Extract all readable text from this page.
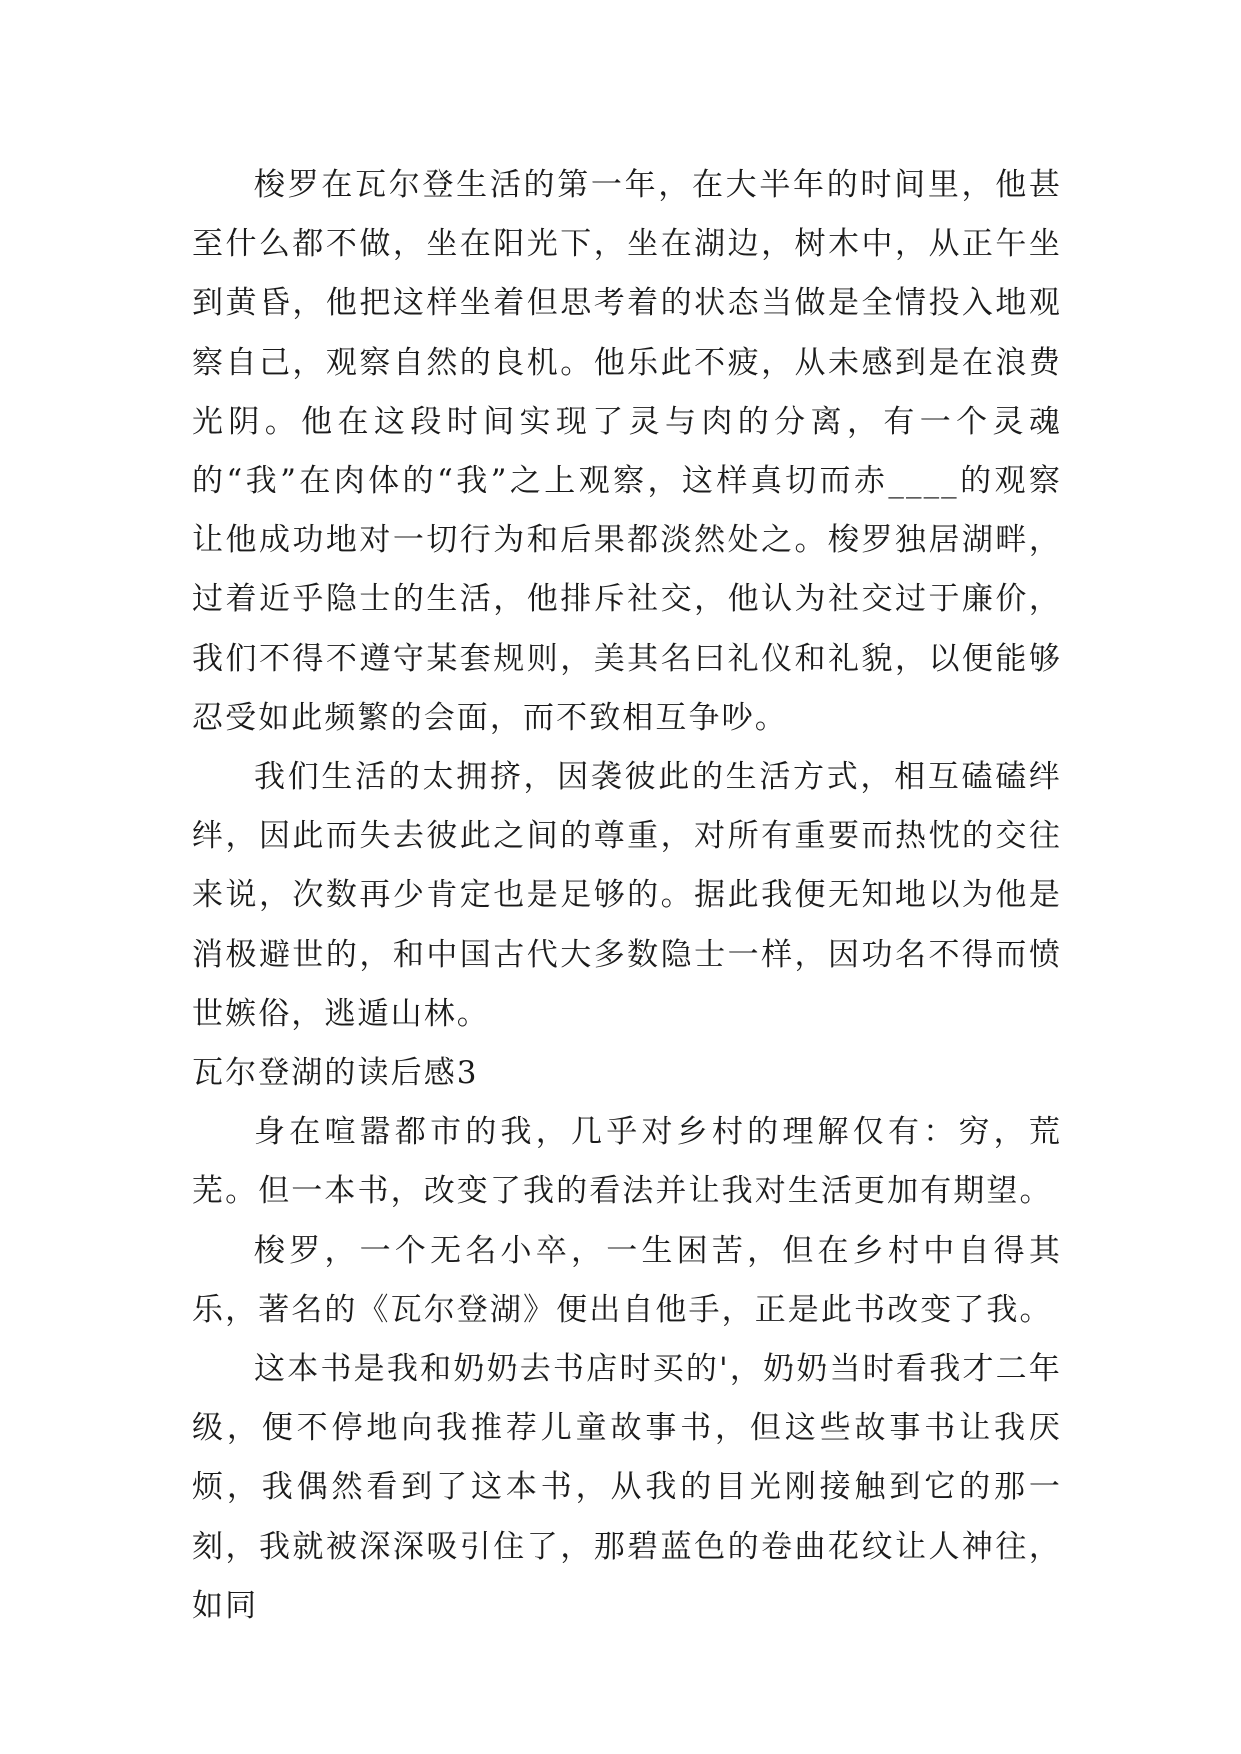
梭罗在瓦尔登生活的第一年，在大半年的时间里，他甚至什么都不做，坐在阳光下，坐在湖边，树木中，从正午坐到黄昏，他把这样坐着但思考着的状态当做是全情投入地观察自己，观察自然的良机。他乐此不疲，从未感到是在浪费光阴。他在这段时间实现了灵与肉的分离，有一个灵魂的“我”在肉体的“我”之上观察，这样真切而赤____的观察让他成功地对一切行为和后果都淡然处之。梭罗独居湖畔，过着近乎隐士的生活，他排斥社交，他认为社交过于廉价，我们不得不遵守某套规则，美其名曰礼仪和礼貌，以便能够忍受如此频繁的会面，而不致相互争吵。

我们生活的太拥挤，因袭彼此的生活方式，相互磕磕绊绊，因此而失去彼此之间的尊重，对所有重要而热忱的交往来说，次数再少肯定也是足够的。据此我便无知地以为他是消极避世的，和中国古代大多数隐士一样，因功名不得而愤世嫉俗，逃遁山林。

瓦尔登湖的读后感3

身在喧嚣都市的我，几乎对乡村的理解仅有：穷，荒芜。但一本书，改变了我的看法并让我对生活更加有期望。

梭罗，一个无名小卒，一生困苦，但在乡村中自得其乐，著名的《瓦尔登湖》便出自他手，正是此书改变了我。

这本书是我和奶奶去书店时买的'，奶奶当时看我才二年级，便不停地向我推荐儿童故事书，但这些故事书让我厌烦，我偶然看到了这本书，从我的目光刚接触到它的那一刻，我就被深深吸引住了，那碧蓝色的卷曲花纹让人神往，如同
